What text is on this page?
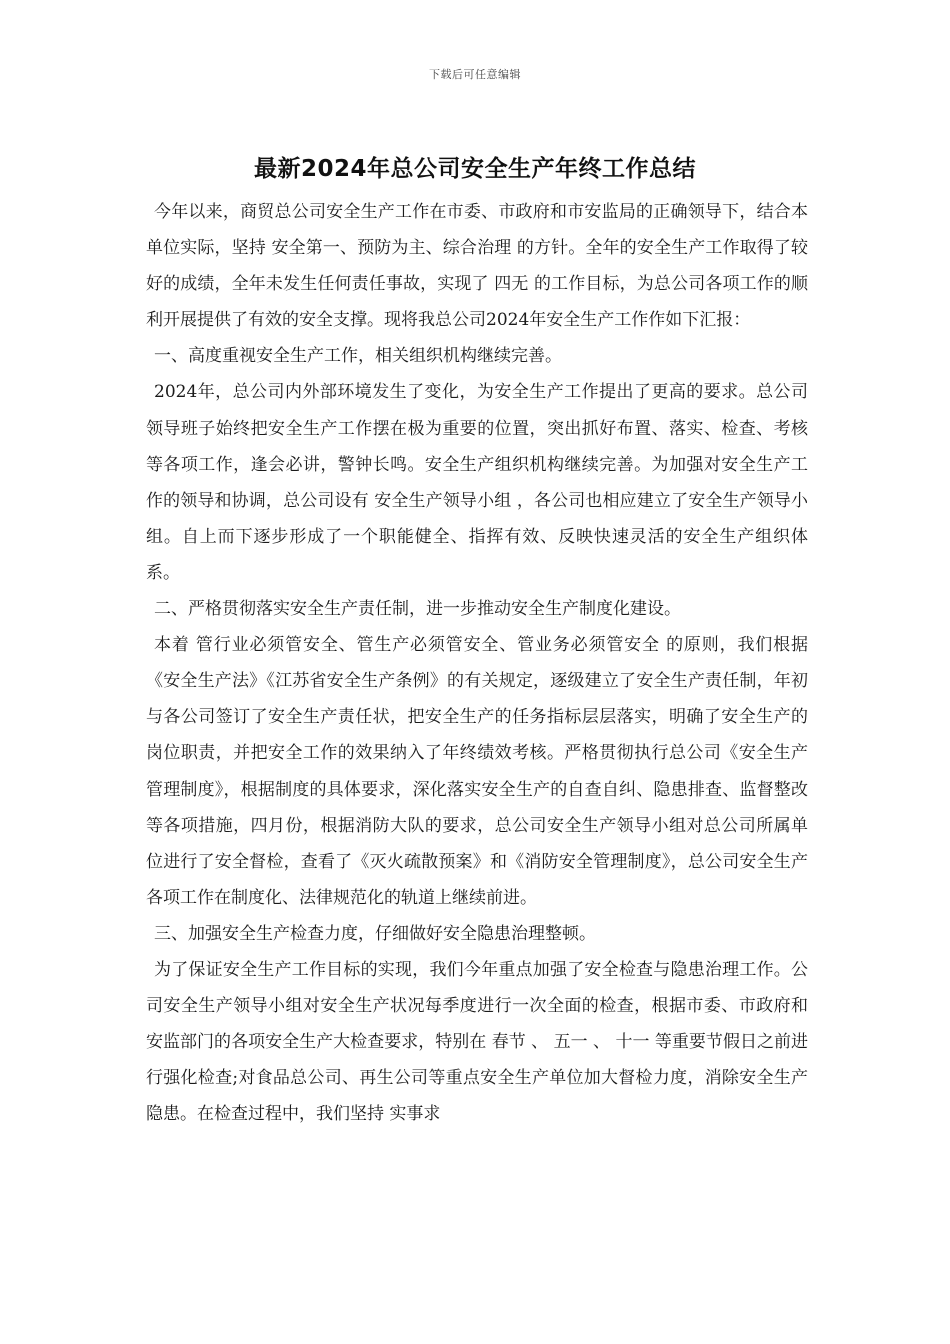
下载后可任意编辑
最新2024年总公司安全生产年终工作总结

今年以来，商贸总公司安全生产工作在市委、市政府和市安监局的正确领导下，结合本单位实际，坚持 安全第一、预防为主、综合治理 的方针。全年的安全生产工作取得了较好的成绩，全年未发生任何责任事故，实现了 四无 的工作目标，为总公司各项工作的顺利开展提供了有效的安全支撑。现将我总公司2024年安全生产工作作如下汇报：

一、高度重视安全生产工作，相关组织机构继续完善。

2024年，总公司内外部环境发生了变化，为安全生产工作提出了更高的要求。总公司领导班子始终把安全生产工作摆在极为重要的位置，突出抓好布置、落实、检查、考核等各项工作，逢会必讲，警钟长鸣。安全生产组织机构继续完善。为加强对安全生产工作的领导和协调，总公司设有 安全生产领导小组 ，各公司也相应建立了安全生产领导小组。自上而下逐步形成了一个职能健全、指挥有效、反映快速灵活的安全生产组织体系。

二、严格贯彻落实安全生产责任制，进一步推动安全生产制度化建设。

本着 管行业必须管安全、管生产必须管安全、管业务必须管安全 的原则，我们根据《安全生产法》《江苏省安全生产条例》的有关规定，逐级建立了安全生产责任制，年初与各公司签订了安全生产责任状，把安全生产的任务指标层层落实，明确了安全生产的岗位职责，并把安全工作的效果纳入了年终绩效考核。严格贯彻执行总公司《安全生产管理制度》，根据制度的具体要求，深化落实安全生产的自查自纠、隐患排查、监督整改等各项措施，四月份，根据消防大队的要求，总公司安全生产领导小组对总公司所属单位进行了安全督检，查看了《灭火疏散预案》和《消防安全管理制度》，总公司安全生产各项工作在制度化、法律规范化的轨道上继续前进。

三、加强安全生产检查力度，仔细做好安全隐患治理整顿。

为了保证安全生产工作目标的实现，我们今年重点加强了安全检查与隐患治理工作。公司安全生产领导小组对安全生产状况每季度进行一次全面的检查，根据市委、市政府和安监部门的各项安全生产大检查要求，特别在 春节 、 五一 、 十一 等重要节假日之前进行强化检查;对食品总公司、再生公司等重点安全生产单位加大督检力度，消除安全生产隐患。在检查过程中，我们坚持 实事求
